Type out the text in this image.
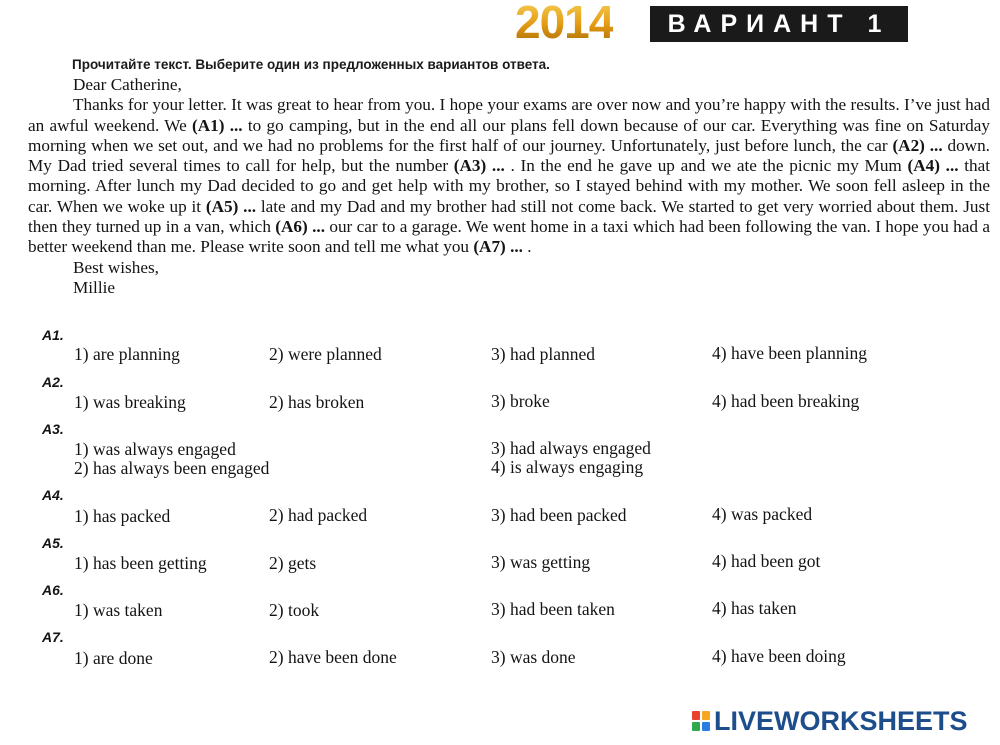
2014	ВАРИАНТ 1
Прочитайте текст. Выберите один из предложенных вариантов ответа.

Dear Catherine,

Thanks for your letter. It was great to hear from you. I hope your exams are over now and you’re happy with the results. I’ve just had an awful weekend. We (A1) ... to go camping, but in the end all our plans fell down because of our car. Everything was fine on Saturday morning when we set out, and we had no problems for the first half of our journey. Unfortunately, just before lunch, the car (A2) ... down. My Dad tried several times to call for help, but the number (A3) ... . In the end he gave up and we ate the picnic my Mum (A4) ... that morning. After lunch my Dad decided to go and get help with my brother, so I stayed behind with my mother. We soon fell asleep in the car. When we woke up it (A5) ... late and my Dad and my brother had still not come back. We started to get very worried about them. Just then they turned up in a van, which (A6) ... our car to a garage. We went home in a taxi which had been following the van. I hope you had a better weekend than me. Please write soon and tell me what you (A7) ... .

Best wishes,

Millie

A1.
1) are planning	2) were planned	3) had planned	4) have been planning
A2.
1) was breaking	2) has broken	3) broke	4) had been breaking
A3.
1) was always engaged
2) has always been engaged
3) had always engaged
4) is always engaging
A4.
1) has packed	2) had packed	3) had been packed	4) was packed
A5.
1) has been getting	2) gets	3) was getting	4) had been got
A6.
1) was taken	2) took	3) had been taken	4) has taken
A7.
1) are done	2) have been done	3) was done	4) have been doing
LIVEWORKSHEETS
